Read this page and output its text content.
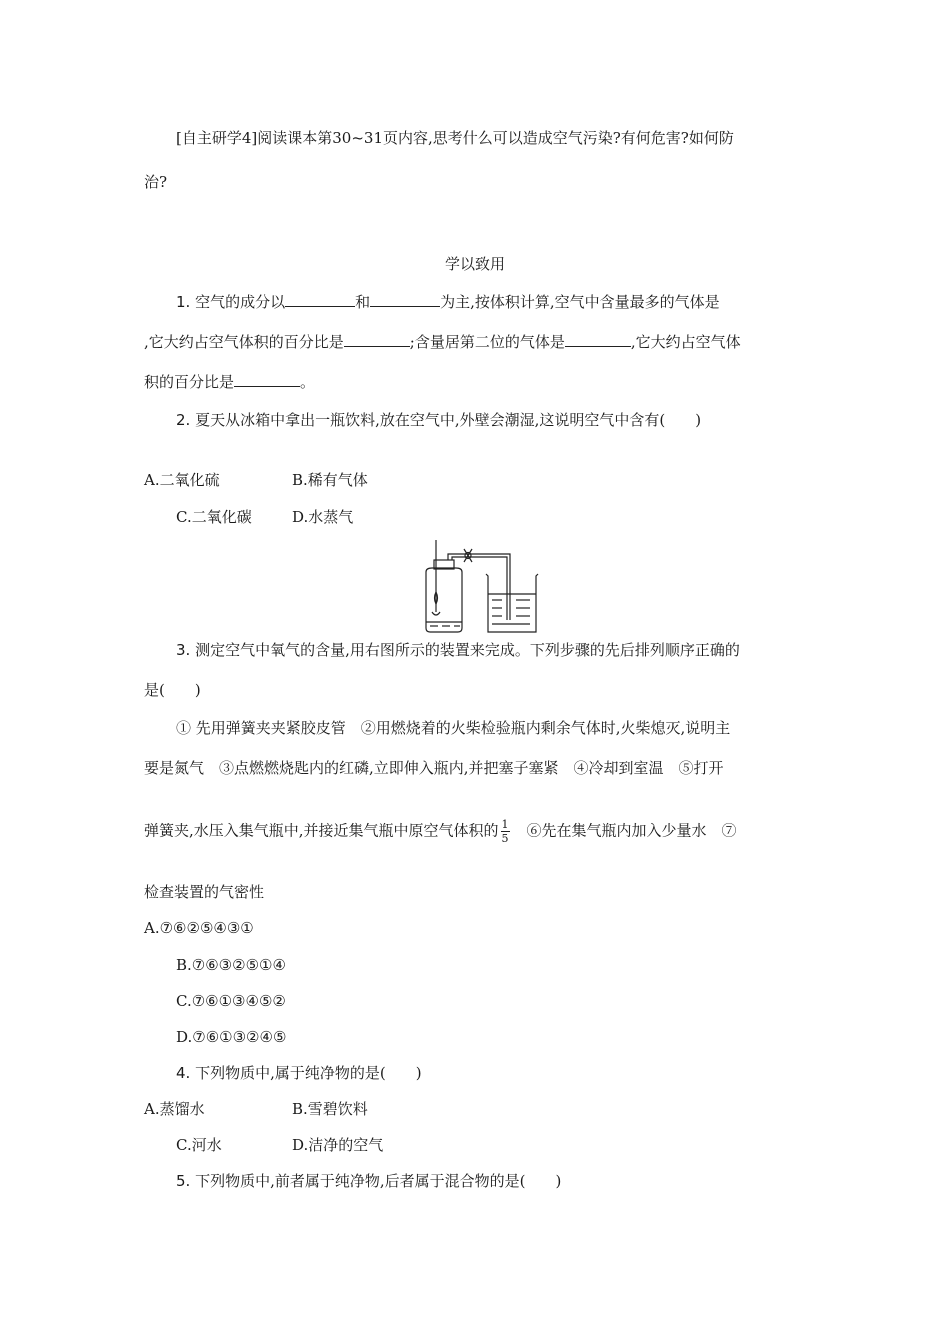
[自主研学4]阅读课本第30~31页内容,思考什么可以造成空气污染?有何危害?如何防
治?
学以致用
1. 空气的成分以	和	为主,按体积计算,空气中含量最多的气体是
,它大约占空气体积的百分比是	;含量居第二位的气体是	,它大约占空气体
积的百分比是	。
2. 夏天从冰箱中拿出一瓶饮料,放在空气中,外壁会潮湿,这说明空气中含有(　　)
A.二氧化硫	B.稀有气体
C.二氧化碳	D.水蒸气
3. 测定空气中氧气的含量,用右图所示的装置来完成。下列步骤的先后排列顺序正确的
是(　　)
① 先用弹簧夹夹紧胶皮管　②用燃烧着的火柴检验瓶内剩余气体时,火柴熄灭,说明主
要是氮气　③点燃燃烧匙内的红磷,立即伸入瓶内,并把塞子塞紧　④冷却到室温　⑤打开
弹簧夹,水压入集气瓶中,并接近集气瓶中原空气体积的 $\frac{1}{5}$ 　⑥先在集气瓶内加入少量水　⑦
检查装置的气密性
A.⑦⑥②⑤④③①
B.⑦⑥③②⑤①④
C.⑦⑥①③④⑤②
D.⑦⑥①③②④⑤
4. 下列物质中,属于纯净物的是(　　)
A.蒸馏水	B.雪碧饮料
C.河水	D.洁净的空气
5. 下列物质中,前者属于纯净物,后者属于混合物的是(　　)
